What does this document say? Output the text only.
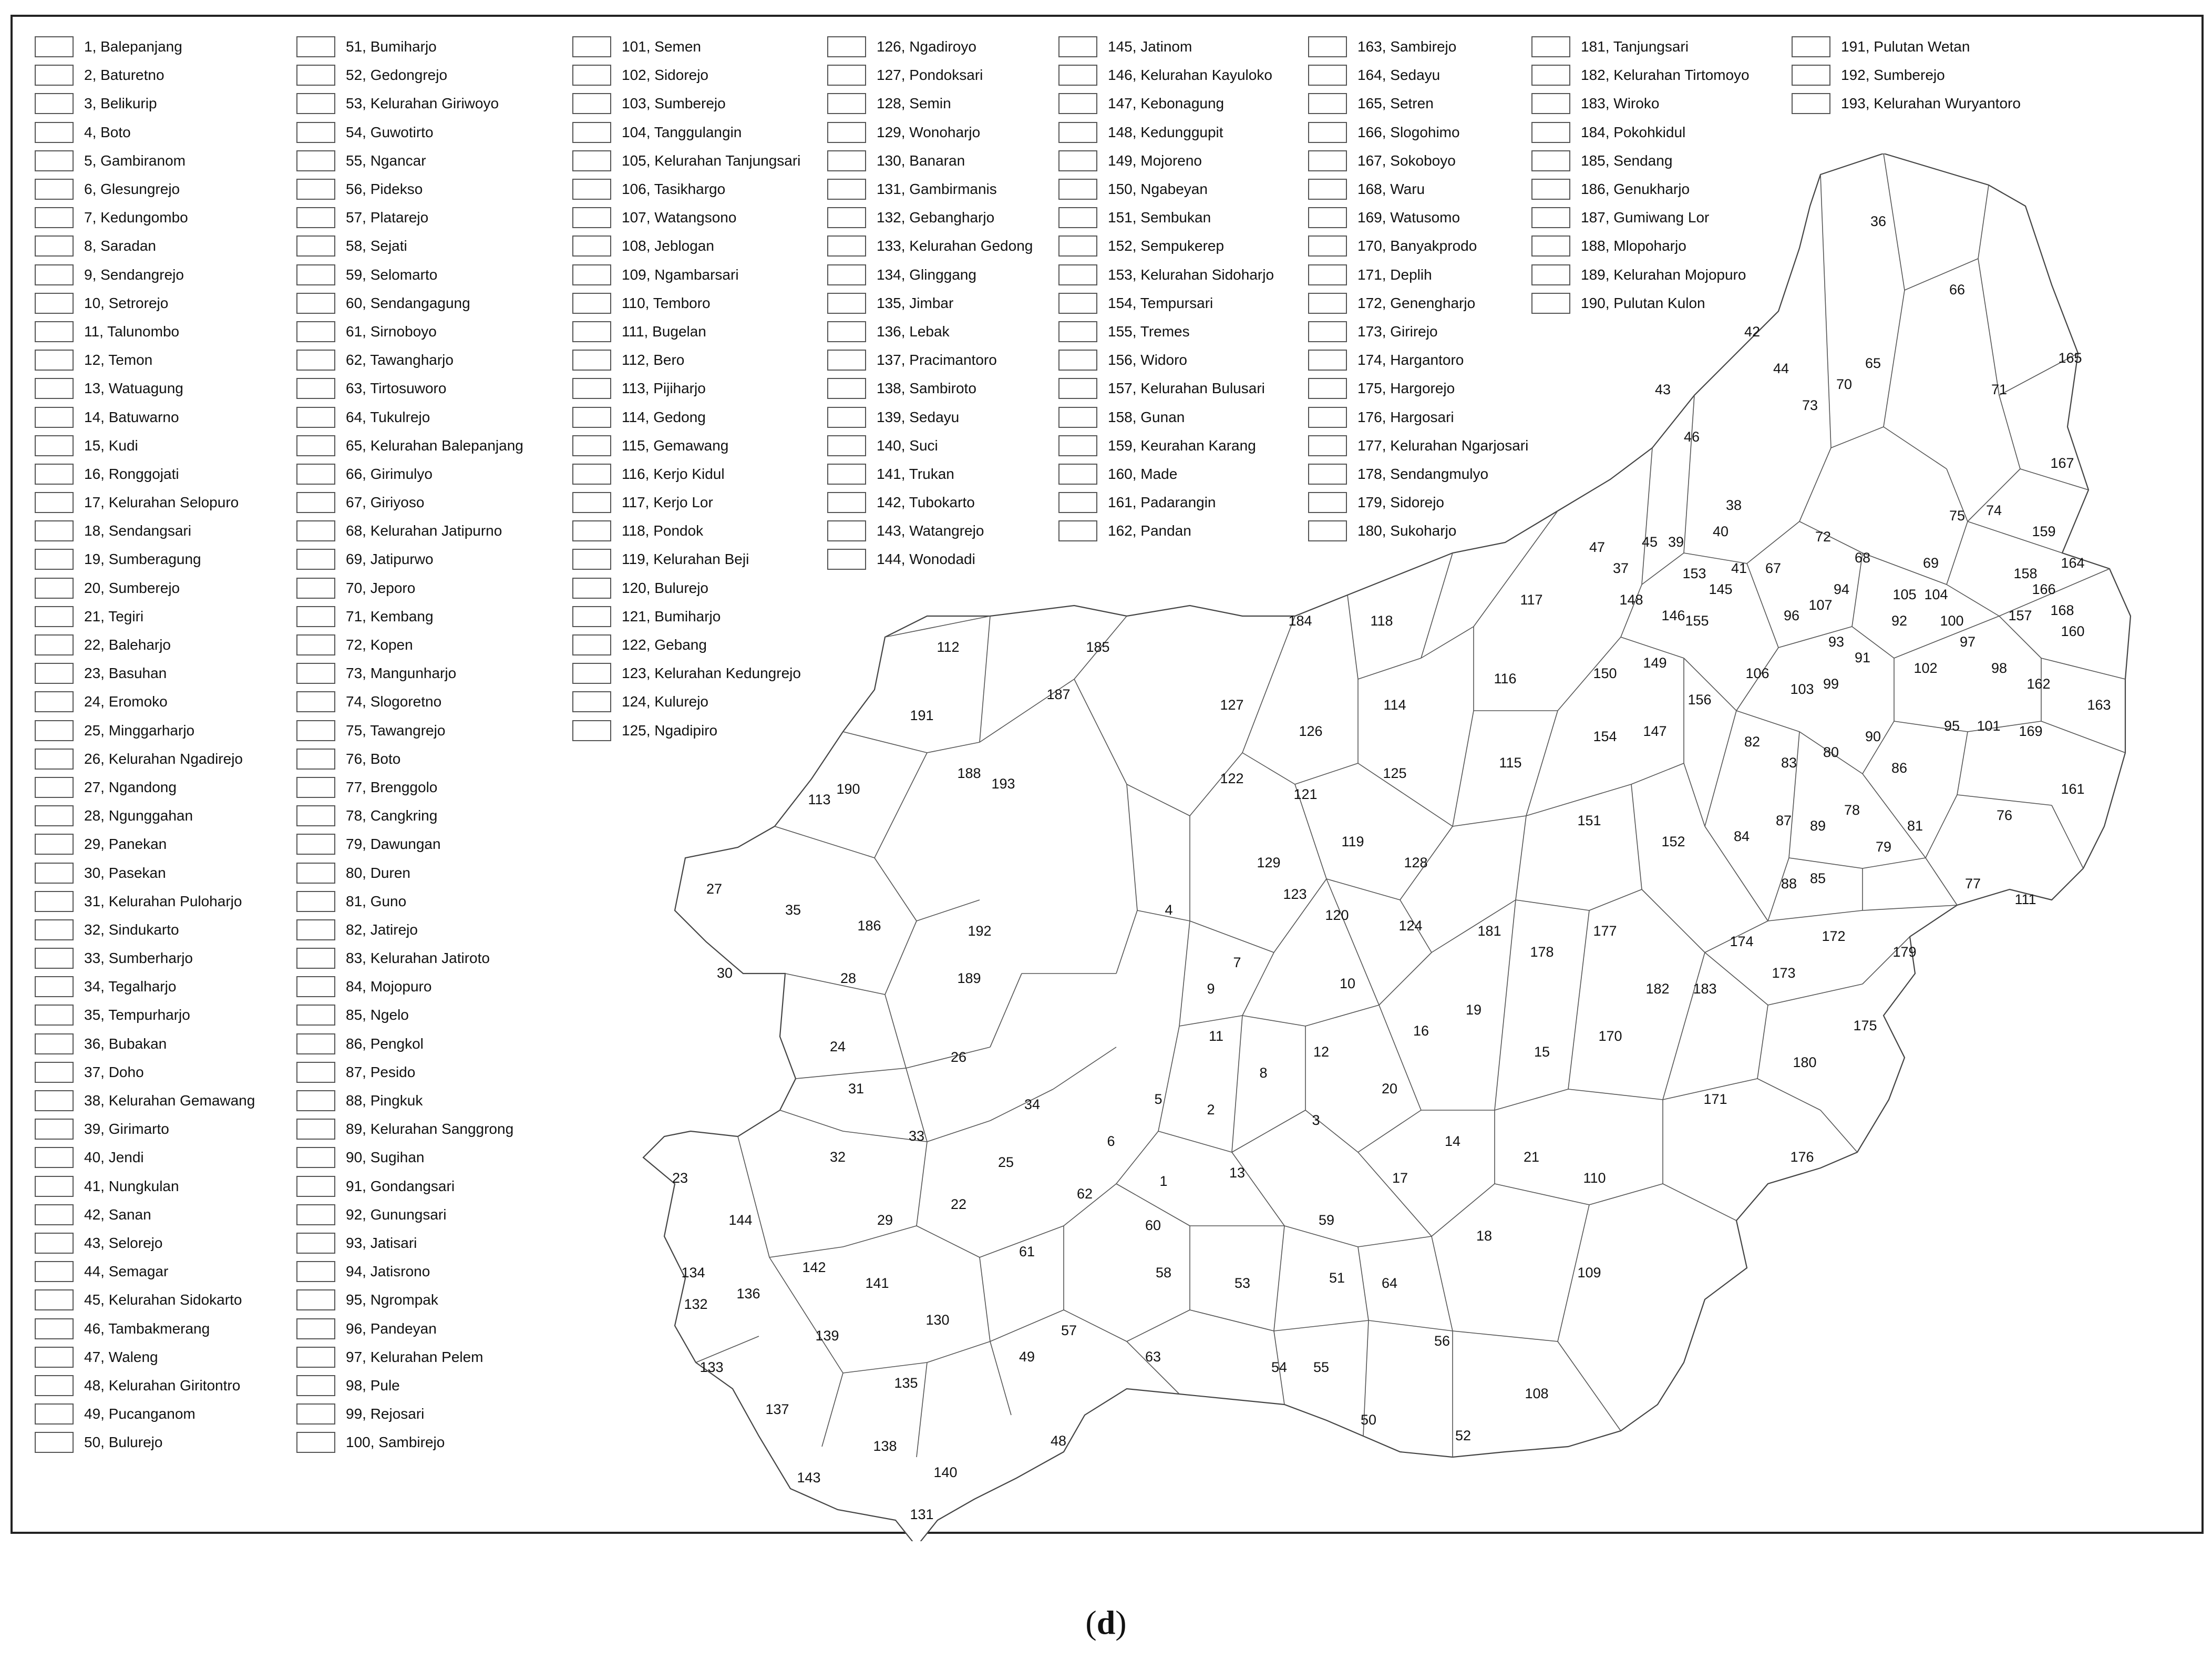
1, Balepanjang
2, Baturetno
3, Belikurip
4, Boto
5, Gambiranom
6, Glesungrejo
7, Kedungombo
8, Saradan
9, Sendangrejo
10, Setrorejo
11, Talunombo
12, Temon
13, Watuagung
14, Batuwarno
15, Kudi
16, Ronggojati
17, Kelurahan Selopuro
18, Sendangsari
19, Sumberagung
20, Sumberejo
21, Tegiri
22, Baleharjo
23, Basuhan
24, Eromoko
25, Minggarharjo
26, Kelurahan Ngadirejo
27, Ngandong
28, Ngunggahan
29, Panekan
30, Pasekan
31, Kelurahan Puloharjo
32, Sindukarto
33, Sumberharjo
34, Tegalharjo
35, Tempurharjo
36, Bubakan
37, Doho
38, Kelurahan Gemawang
39, Girimarto
40, Jendi
41, Nungkulan
42, Sanan
43, Selorejo
44, Semagar
45, Kelurahan Sidokarto
46, Tambakmerang
47, Waleng
48, Kelurahan Giritontro
49, Pucanganom
50, Bulurejo
51, Bumiharjo
52, Gedongrejo
53, Kelurahan Giriwoyo
54, Guwotirto
55, Ngancar
56, Pidekso
57, Platarejo
58, Sejati
59, Selomarto
60, Sendangagung
61, Sirnoboyo
62, Tawangharjo
63, Tirtosuworo
64, Tukulrejo
65, Kelurahan Balepanjang
66, Girimulyo
67, Giriyoso
68, Kelurahan Jatipurno
69, Jatipurwo
70, Jeporo
71, Kembang
72, Kopen
73, Mangunharjo
74, Slogoretno
75, Tawangrejo
76, Boto
77, Brenggolo
78, Cangkring
79, Dawungan
80, Duren
81, Guno
82, Jatirejo
83, Kelurahan Jatiroto
84, Mojopuro
85, Ngelo
86, Pengkol
87, Pesido
88, Pingkuk
89, Kelurahan Sanggrong
90, Sugihan
91, Gondangsari
92, Gunungsari
93, Jatisari
94, Jatisrono
95, Ngrompak
96, Pandeyan
97, Kelurahan Pelem
98, Pule
99, Rejosari
100, Sambirejo
101, Semen
102, Sidorejo
103, Sumberejo
104, Tanggulangin
105, Kelurahan Tanjungsari
106, Tasikhargo
107, Watangsono
108, Jeblogan
109, Ngambarsari
110, Temboro
111, Bugelan
112, Bero
113, Pijiharjo
114, Gedong
115, Gemawang
116, Kerjo Kidul
117, Kerjo Lor
118, Pondok
119, Kelurahan Beji
120, Bulurejo
121, Bumiharjo
122, Gebang
123, Kelurahan Kedungrejo
124, Kulurejo
125, Ngadipiro
126, Ngadiroyo
127, Pondoksari
128, Semin
129, Wonoharjo
130, Banaran
131, Gambirmanis
132, Gebangharjo
133, Kelurahan Gedong
134, Glinggang
135, Jimbar
136, Lebak
137, Pracimantoro
138, Sambiroto
139, Sedayu
140, Suci
141, Trukan
142, Tubokarto
143, Watangrejo
144, Wonodadi
145, Jatinom
146, Kelurahan Kayuloko
147, Kebonagung
148, Kedunggupit
149, Mojoreno
150, Ngabeyan
151, Sembukan
152, Sempukerep
153, Kelurahan Sidoharjo
154, Tempursari
155, Tremes
156, Widoro
157, Kelurahan Bulusari
158, Gunan
159, Keurahan Karang
160, Made
161, Padarangin
162, Pandan
163, Sambirejo
164, Sedayu
165, Setren
166, Slogohimo
167, Sokoboyo
168, Waru
169, Watusomo
170, Banyakprodo
171, Deplih
172, Genengharjo
173, Girirejo
174, Hargantoro
175, Hargorejo
176, Hargosari
177, Kelurahan Ngarjosari
178, Sendangmulyo
179, Sidorejo
180, Sukoharjo
181, Tanjungsari
182, Kelurahan Tirtomoyo
183, Wiroko
184, Pokohkidul
185, Sendang
186, Genukharjo
187, Gumiwang Lor
188, Mlopoharjo
189, Kelurahan Mojopuro
190, Pulutan Kulon
191, Pulutan Wetan
192, Sumberejo
193, Kelurahan Wuryantoro
1
2
3
4
5
6
7
8
9	10
11
12
13
14
15
16
17
18
19
20
21
22
23
24
25
26
27
28
29
30
31
32
33
34
35
36
37
38
39
40
41
42
43
44
45
46
47
48
49
50
51
52
53
54 55
56
57
58
59
60
61
62
63
64
65
66
67
68	69
70	71
72
73
74
75
76
77
78
79
80
81
82
83
84
85
86
87
88
89
90
91
92
93
94
95
96
97
98
99
100
101
102
103
104
105
106
107
108
109
110
111
112
113
114
115
116
117
118
119
120
121
122
123
124
125
126
127
128
129
130
131
132
133
134
135
136
137
138
139
140
141
142
143
144
145
146
147
148
149
150
151
152
153
154
155
156
157
158
159
160
161
162
163
164
165
166
167
168
169
170
171
172
173
174
175
176
177
178	179
180
181
182 183
184
185
186
187
188
189
190
191
192
193
(d)
